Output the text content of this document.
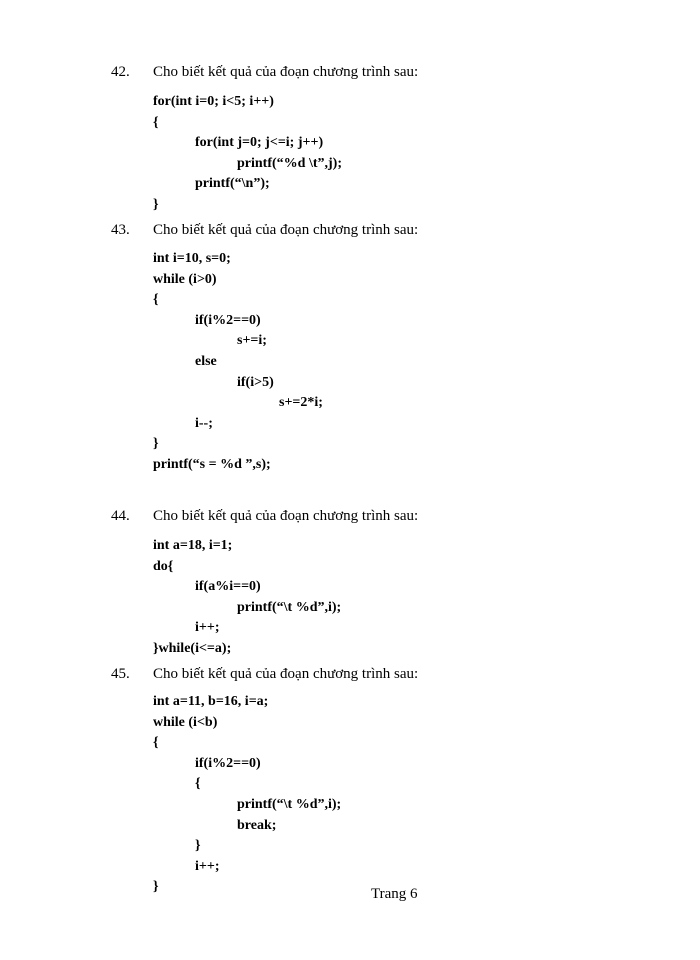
42. Cho biết kết quả của đoạn chương trình sau:
for(int i=0; i<5; i++)
{
for(int j=0; j<=i; j++)
printf(“%d \t”,j);
printf(“\n”);
}
43. Cho biết kết quả của đoạn chương trình sau:
int i=10, s=0;
while (i>0)
{
if(i%2==0)
s+=i;
else
if(i>5)
s+=2*i;
i--;
}
printf(“s = %d ”,s);
44. Cho biết kết quả của đoạn chương trình sau:
int a=18, i=1;
do{
if(a%i==0)
printf(“\t %d”,i);
i++;
}while(i<=a);
45. Cho biết kết quả của đoạn chương trình sau:
int a=11, b=16, i=a;
while (i<b)
{
if(i%2==0)
{
printf(“\t %d”,i);
break;
}
i++;
}	Trang 6
